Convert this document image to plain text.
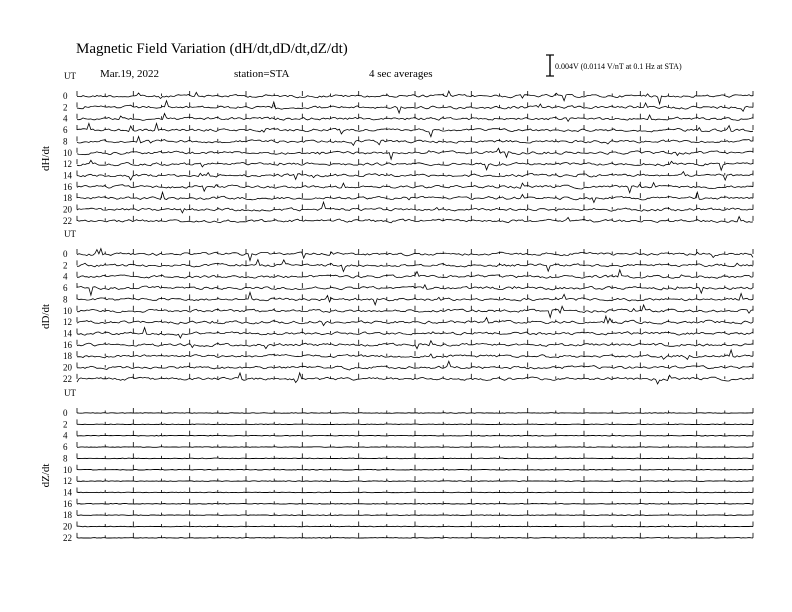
Magnetic Field Variation (dH/dt,dD/dt,dZ/dt)
Mar.19, 2022	station=STA	4 sec averages
0.004V (0.0114 V/nT at 0.1 Hz at STA)
UT
dH/dt
0
2
4
6
8
10
12
14
16
18
20
22
UT
dD/dt
0
2
4
6
8
10
12
14
16
18
20
22
UT
dZ/dt
0
2
4
6
8
10
12
14
16
18
20
22
